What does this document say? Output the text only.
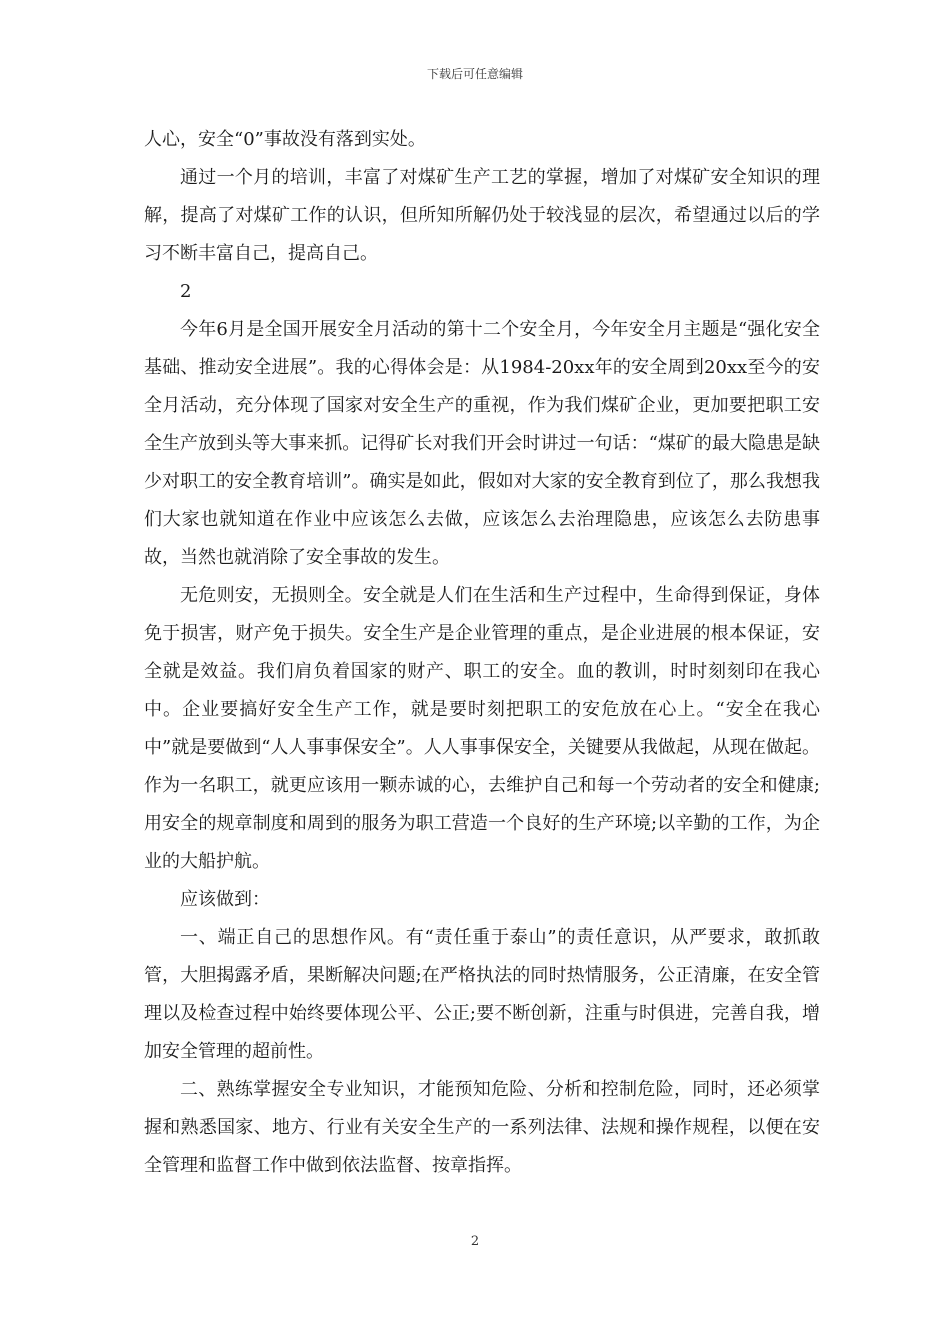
下载后可任意编辑

人心，安全“0”事故没有落到实处。

通过一个月的培训，丰富了对煤矿生产工艺的掌握，增加了对煤矿安全知识的理解，提高了对煤矿工作的认识，但所知所解仍处于较浅显的层次，希望通过以后的学习不断丰富自己，提高自己。

2

今年6月是全国开展安全月活动的第十二个安全月，今年安全月主题是“强化安全基础、推动安全进展”。我的心得体会是：从1984-20xx年的安全周到20xx至今的安全月活动，充分体现了国家对安全生产的重视，作为我们煤矿企业，更加要把职工安全生产放到头等大事来抓。记得矿长对我们开会时讲过一句话：“煤矿的最大隐患是缺少对职工的安全教育培训”。确实是如此，假如对大家的安全教育到位了，那么我想我们大家也就知道在作业中应该怎么去做，应该怎么去治理隐患，应该怎么去防患事故，当然也就消除了安全事故的发生。

无危则安，无损则全。安全就是人们在生活和生产过程中，生命得到保证，身体免于损害，财产免于损失。安全生产是企业管理的重点，是企业进展的根本保证，安全就是效益。我们肩负着国家的财产、职工的安全。血的教训，时时刻刻印在我心中。企业要搞好安全生产工作，就是要时刻把职工的安危放在心上。“安全在我心中”就是要做到“人人事事保安全”。人人事事保安全，关键要从我做起，从现在做起。作为一名职工，就更应该用一颗赤诚的心，去维护自己和每一个劳动者的安全和健康;用安全的规章制度和周到的服务为职工营造一个良好的生产环境;以辛勤的工作，为企业的大船护航。

应该做到：

一、端正自己的思想作风。有“责任重于泰山”的责任意识，从严要求，敢抓敢管，大胆揭露矛盾，果断解决问题;在严格执法的同时热情服务，公正清廉，在安全管理以及检查过程中始终要体现公平、公正;要不断创新，注重与时俱进，完善自我，增加安全管理的超前性。

二、熟练掌握安全专业知识，才能预知危险、分析和控制危险，同时，还必须掌握和熟悉国家、地方、行业有关安全生产的一系列法律、法规和操作规程，以便在安全管理和监督工作中做到依法监督、按章指挥。

2
